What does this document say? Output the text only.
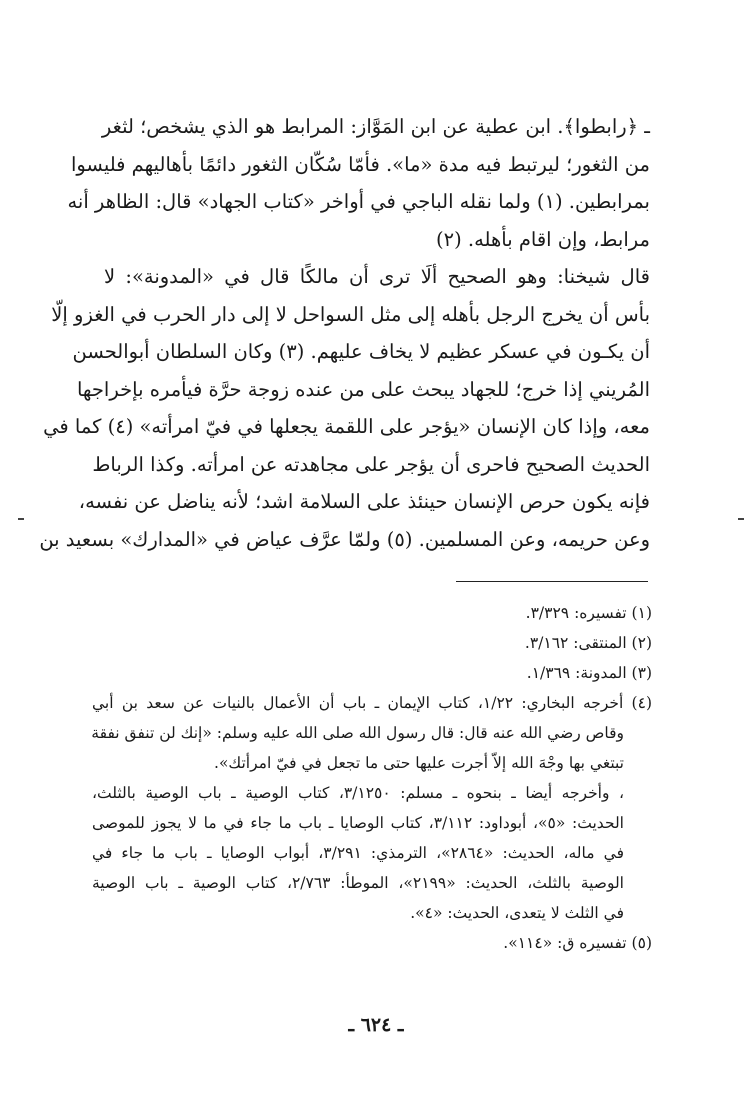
ـ ﴿رابطوا﴾. ابن عطية عن ابن المَوَّاز: المرابط هو الذي يشخص؛ لثغر
من الثغور؛ ليرتبط فيه مدة «ما». فأمّا سُكّان الثغور دائمًا بأهاليهم فليسوا
بمرابطين. (١) ولما نقله الباجي في أواخر «كتاب الجهاد» قال: الظاهر أنه
مرابط، وإن اقام بأهله. (٢)
قال شيخنا: وهو الصحيح ألَا ترى أن مالكًا قال في «المدونة»: لا
بأس أن يخرج الرجل بأهله إلى مثل السواحل لا إلى دار الحرب في الغزو إلّا
أن يكـون في عسكر عظيم لا يخاف عليهم. (٣) وكان السلطان أبوالحسن
المُريني إذا خرج؛ للجهاد يبحث على من عنده زوجة حرَّة فيأمره بإخراجها
معه، وإذا كان الإنسان «يؤجر على اللقمة يجعلها في فيّ امرأته» (٤) كما في
الحديث الصحيح فاحرى أن يؤجر على مجاهدته عن امرأته. وكذا الرباط
فإنه يكون حرص الإنسان حينئذ على السلامة اشد؛ لأنه يناضل عن نفسه،
وعن حريمه، وعن المسلمين. (٥) ولمّا عرَّف عياض في «المدارك» بسعيد بن
(١) تفسيره: ٣/٣٢٩.
(٢) المنتقى: ٣/١٦٢.
(٣) المدونة: ١/٣٦٩.
(٤) أخرجه البخاري: ١/٢٢، كتاب الإيمان ـ باب أن الأعمال بالنيات عن سعد بن أبي
وقاص رضي الله عنه قال: قال رسول الله صلى الله عليه وسلم: «إنك لن تنفق نفقة
تبتغي بها وجْهَ الله إلاّ أجرت عليها حتى ما تجعل في فيّ امرأتك».
، وأخرجه أيضا ـ بنحوه ـ مسلم: ٣/١٢٥٠، كتاب الوصية ـ باب الوصية بالثلث،
الحديث: «٥»، أبوداود: ٣/١١٢، كتاب الوصايا ـ باب ما جاء في ما لا يجوز للموصى
في ماله، الحديث: «٢٨٦٤»، الترمذي: ٣/٢٩١، أبواب الوصايا ـ باب ما جاء في
الوصية بالثلث، الحديث: «٢١٩٩»، الموطأ: ٢/٧٦٣، كتاب الوصية ـ باب الوصية
في الثلث لا يتعدى، الحديث: «٤».
(٥) تفسيره ق: «١١٤».
ـ ٦٢٤ ـ
